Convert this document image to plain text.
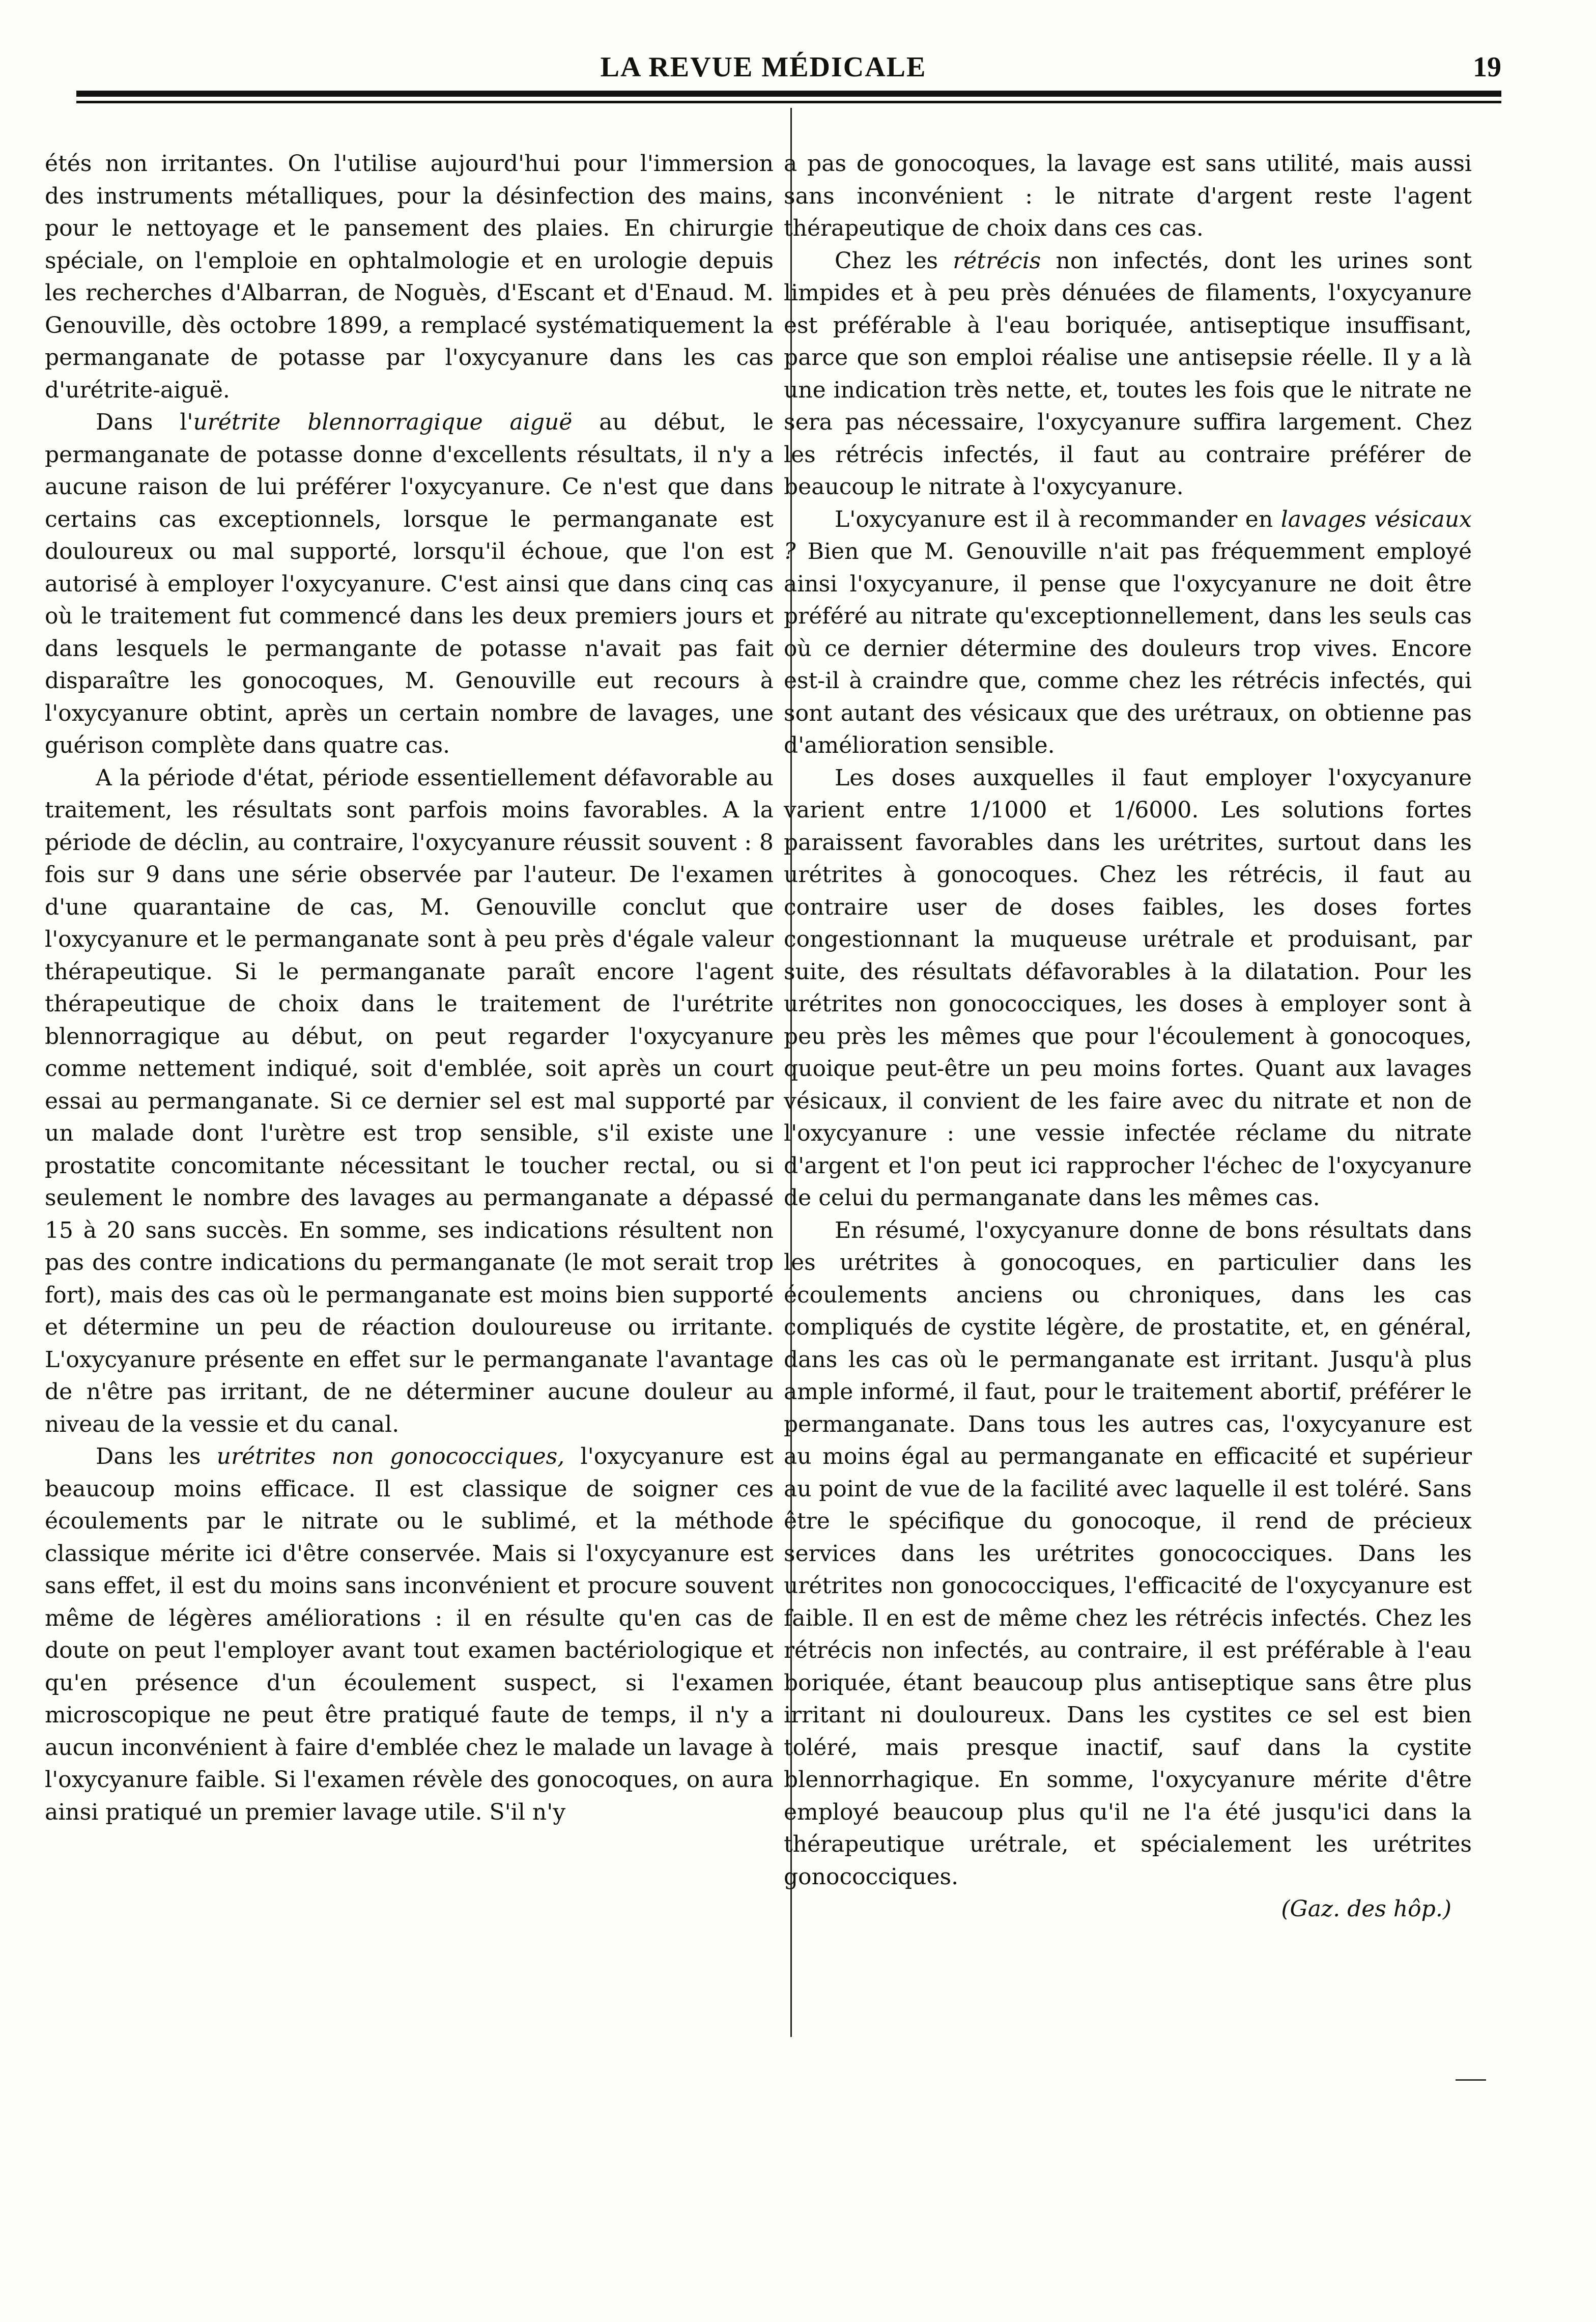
LA REVUE MÉDICALE	19

étés non irritantes. On l'utilise aujourd'hui pour l'immersion des instruments métalliques, pour la désinfection des mains, pour le nettoyage et le pansement des plaies. En chirurgie spéciale, on l'emploie en ophtalmologie et en urologie depuis les recherches d'Albarran, de Noguès, d'Escant et d'Enaud. M. Genouville, dès octobre 1899, a remplacé systématiquement la permanganate de potasse par l'oxycyanure dans les cas d'urétrite-aiguë.

Dans l'urétrite blennorragique aiguë au début, le permanganate de potasse donne d'excellents résultats, il n'y a aucune raison de lui préférer l'oxycyanure. Ce n'est que dans certains cas exceptionnels, lorsque le permanganate est douloureux ou mal supporté, lorsqu'il échoue, que l'on est autorisé à employer l'oxycyanure. C'est ainsi que dans cinq cas où le traitement fut commencé dans les deux premiers jours et dans lesquels le permangante de potasse n'avait pas fait disparaître les gonocoques, M. Genouville eut recours à l'oxycyanure obtint, après un certain nombre de lavages, une guérison complète dans quatre cas.

A la période d'état, période essentiellement défavorable au traitement, les résultats sont parfois moins favorables. A la période de déclin, au contraire, l'oxycyanure réussit souvent : 8 fois sur 9 dans une série observée par l'auteur. De l'examen d'une quarantaine de cas, M. Genouville conclut que l'oxycyanure et le permanganate sont à peu près d'égale valeur thérapeutique. Si le permanganate paraît encore l'agent thérapeutique de choix dans le traitement de l'urétrite blennorragique au début, on peut regarder l'oxycyanure comme nettement indiqué, soit d'emblée, soit après un court essai au permanganate. Si ce dernier sel est mal supporté par un malade dont l'urètre est trop sensible, s'il existe une prostatite concomitante nécessitant le toucher rectal, ou si seulement le nombre des lavages au permanganate a dépassé 15 à 20 sans succès. En somme, ses indications résultent non pas des contre indications du permanganate (le mot serait trop fort), mais des cas où le permanganate est moins bien supporté et détermine un peu de réaction douloureuse ou irritante. L'oxycyanure présente en effet sur le permanganate l'avantage de n'être pas irritant, de ne déterminer aucune douleur au niveau de la vessie et du canal.

Dans les urétrites non gonococciques, l'oxycyanure est beaucoup moins efficace. Il est classique de soigner ces écoulements par le nitrate ou le sublimé, et la méthode classique mérite ici d'être conservée. Mais si l'oxycyanure est sans effet, il est du moins sans inconvénient et procure souvent même de légères améliorations : il en résulte qu'en cas de doute on peut l'employer avant tout examen bactériologique et qu'en présence d'un écoulement suspect, si l'examen microscopique ne peut être pratiqué faute de temps, il n'y a aucun inconvénient à faire d'emblée chez le malade un lavage à l'oxycyanure faible. Si l'examen révèle des gonocoques, on aura ainsi pratiqué un premier lavage utile. S'il n'y

a pas de gonocoques, la lavage est sans utilité, mais aussi sans inconvénient : le nitrate d'argent reste l'agent thérapeutique de choix dans ces cas.

Chez les rétrécis non infectés, dont les urines sont limpides et à peu près dénuées de filaments, l'oxycyanure est préférable à l'eau boriquée, antiseptique insuffisant, parce que son emploi réalise une antisepsie réelle. Il y a là une indication très nette, et, toutes les fois que le nitrate ne sera pas nécessaire, l'oxycyanure suffira largement. Chez les rétrécis infectés, il faut au contraire préférer de beaucoup le nitrate à l'oxycyanure.

L'oxycyanure est il à recommander en lavages vésicaux ? Bien que M. Genouville n'ait pas fréquemment employé ainsi l'oxycyanure, il pense que l'oxycyanure ne doit être préféré au nitrate qu'exceptionnellement, dans les seuls cas où ce dernier détermine des douleurs trop vives. Encore est-il à craindre que, comme chez les rétrécis infectés, qui sont autant des vésicaux que des urétraux, on obtienne pas d'amélioration sensible.

Les doses auxquelles il faut employer l'oxycyanure varient entre 1/1000 et 1/6000. Les solutions fortes paraissent favorables dans les urétrites, surtout dans les urétrites à gonocoques. Chez les rétrécis, il faut au contraire user de doses faibles, les doses fortes congestionnant la muqueuse urétrale et produisant, par suite, des résultats défavorables à la dilatation. Pour les urétrites non gonococciques, les doses à employer sont à peu près les mêmes que pour l'écoulement à gonocoques, quoique peut-être un peu moins fortes. Quant aux lavages vésicaux, il convient de les faire avec du nitrate et non de l'oxycyanure : une vessie infectée réclame du nitrate d'argent et l'on peut ici rapprocher l'échec de l'oxycyanure de celui du permanganate dans les mêmes cas.

En résumé, l'oxycyanure donne de bons résultats dans les urétrites à gonocoques, en particulier dans les écoulements anciens ou chroniques, dans les cas compliqués de cystite légère, de prostatite, et, en général, dans les cas où le permanganate est irritant. Jusqu'à plus ample informé, il faut, pour le traitement abortif, préférer le permanganate. Dans tous les autres cas, l'oxycyanure est au moins égal au permanganate en efficacité et supérieur au point de vue de la facilité avec laquelle il est toléré. Sans être le spécifique du gonocoque, il rend de précieux services dans les urétrites gonococciques. Dans les urétrites non gonococciques, l'efficacité de l'oxycyanure est faible. Il en est de même chez les rétrécis infectés. Chez les rétrécis non infectés, au contraire, il est préférable à l'eau boriquée, étant beaucoup plus antiseptique sans être plus irritant ni douloureux. Dans les cystites ce sel est bien toléré, mais presque inactif, sauf dans la cystite blennorrhagique. En somme, l'oxycyanure mérite d'être employé beaucoup plus qu'il ne l'a été jusqu'ici dans la thérapeutique urétrale, et spécialement les urétrites gonococciques.

(Gaz. des hôp.)
